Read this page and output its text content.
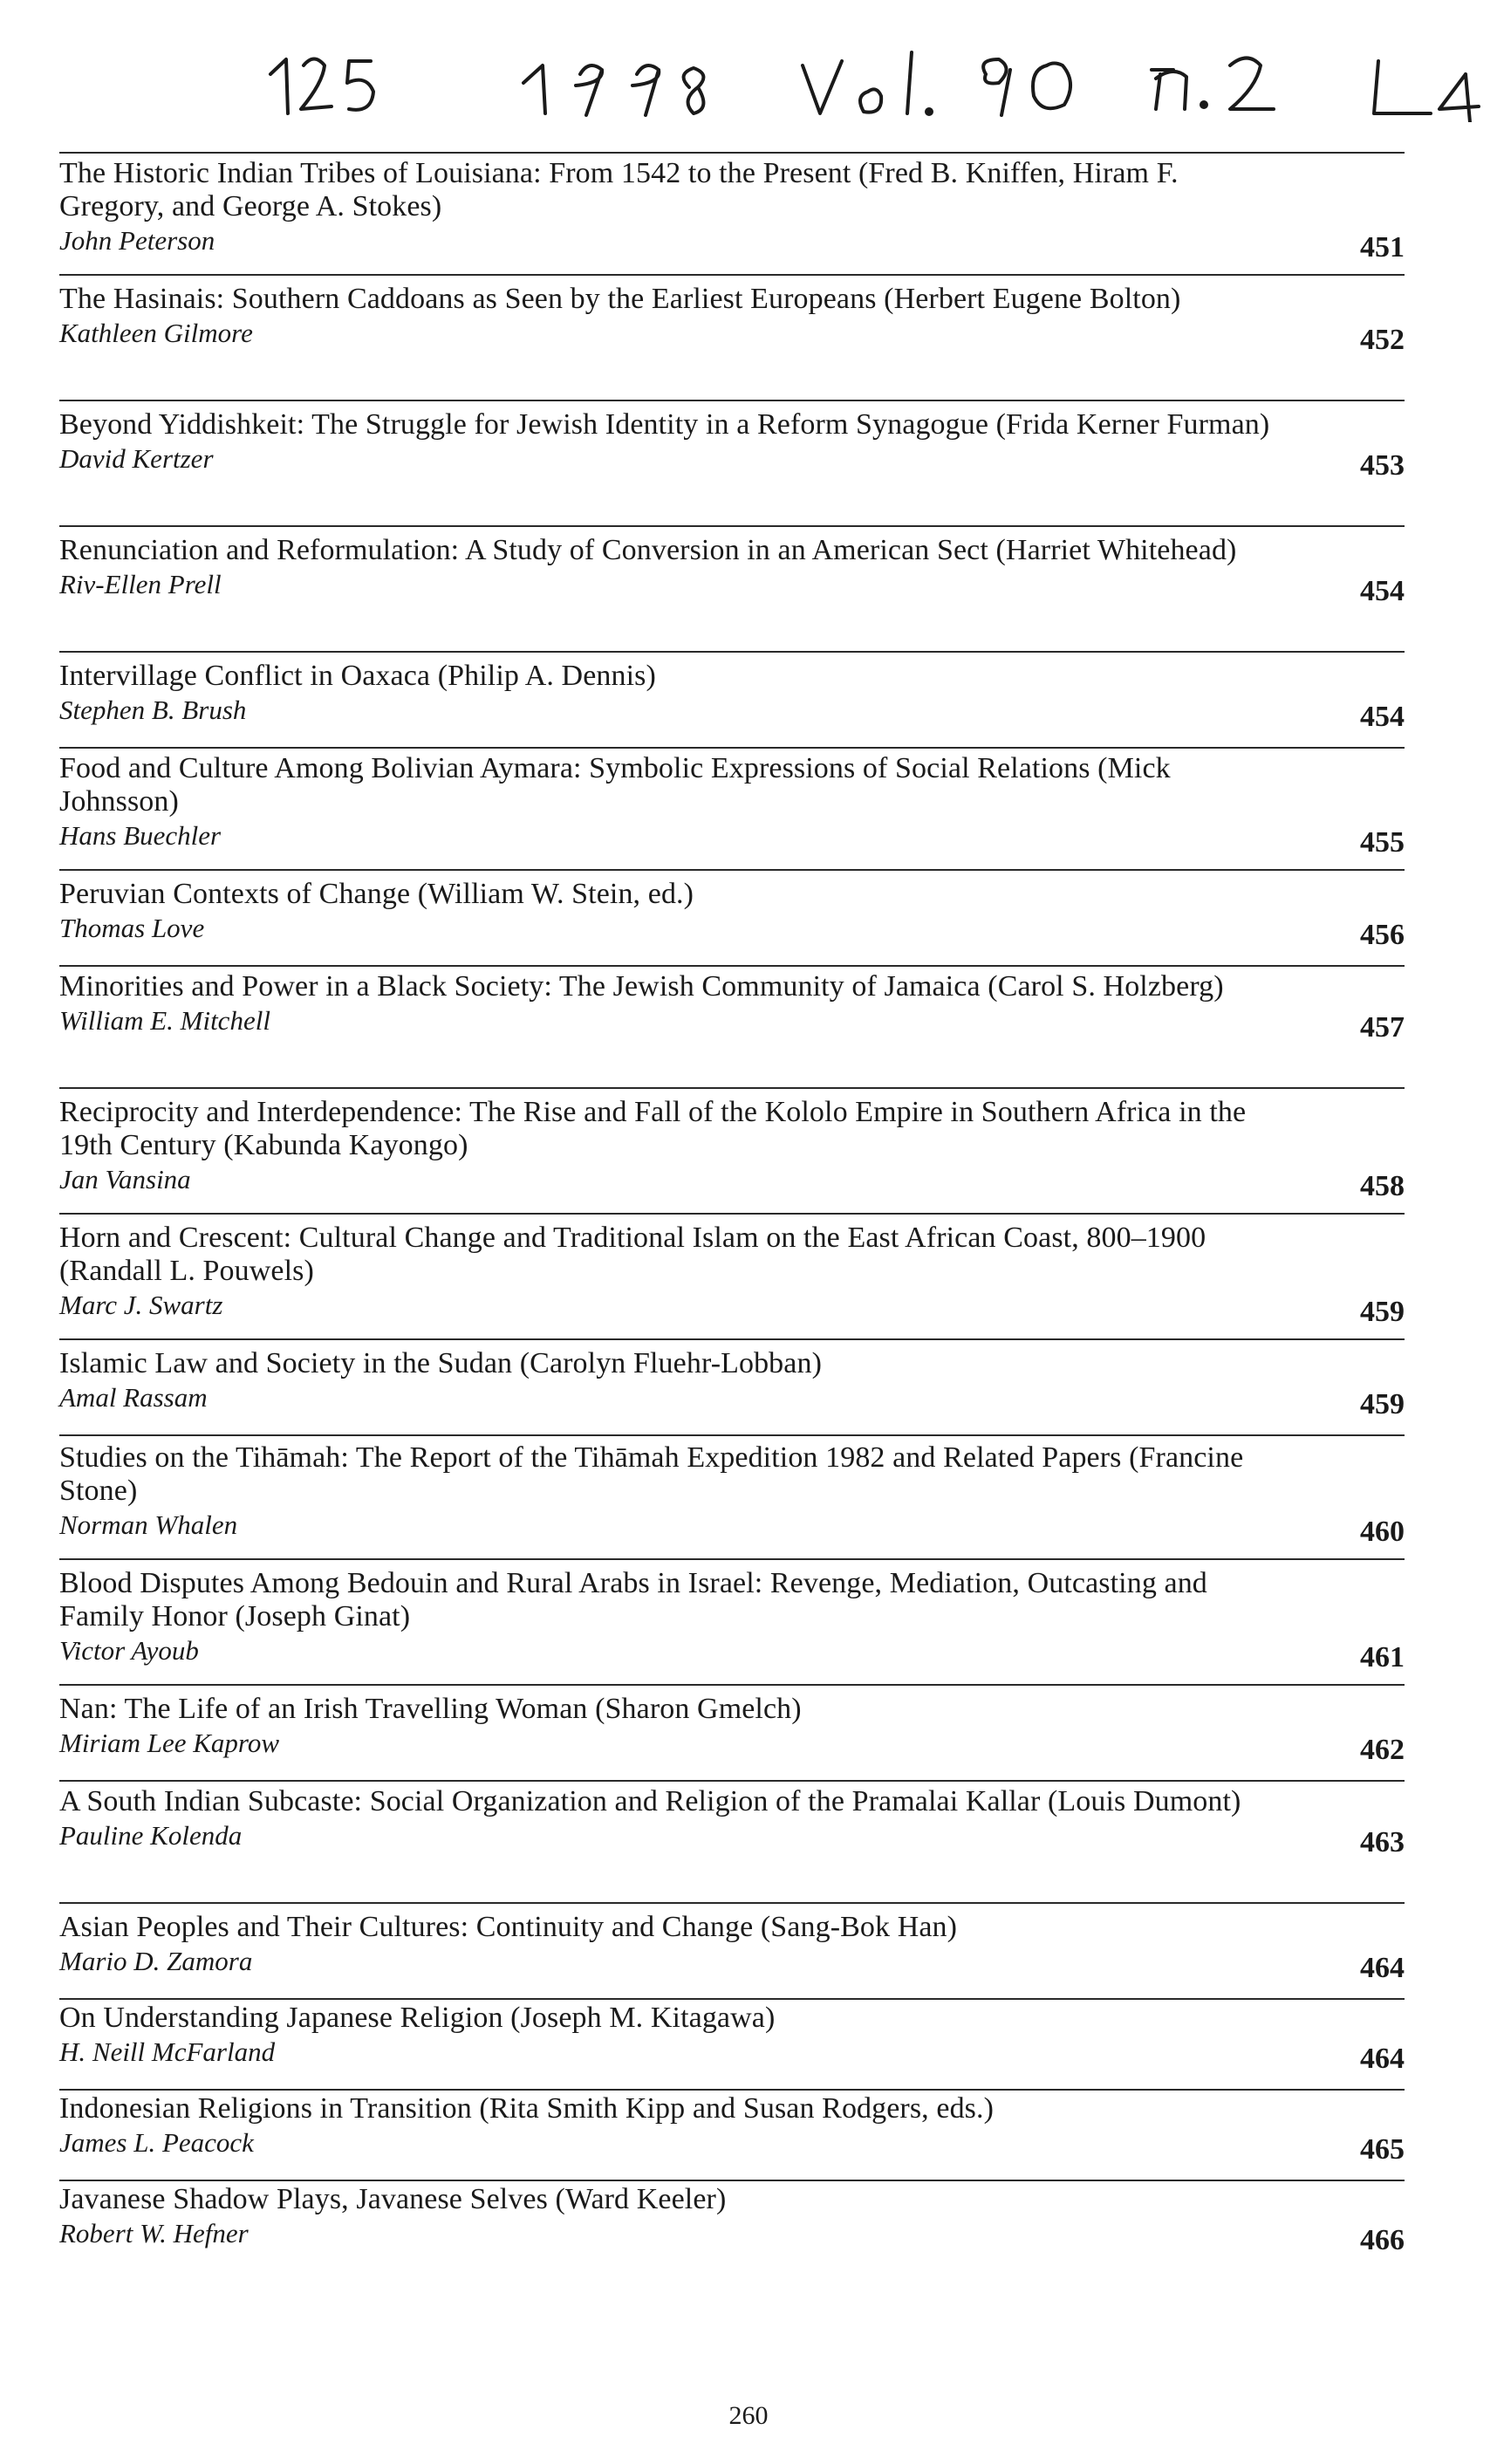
The Historic Indian Tribes of Louisiana: From 1542 to the Present (Fred B. Kniffen, Hiram F. Gregory, and George A. Stokes)
John Peterson	451
The Hasinais: Southern Caddoans as Seen by the Earliest Europeans (Herbert Eugene Bolton)
Kathleen Gilmore	452
Beyond Yiddishkeit: The Struggle for Jewish Identity in a Reform Synagogue (Frida Kerner Furman)
David Kertzer	453
Renunciation and Reformulation: A Study of Conversion in an American Sect (Harriet Whitehead)
Riv-Ellen Prell	454
Intervillage Conflict in Oaxaca (Philip A. Dennis)
Stephen B. Brush	454
Food and Culture Among Bolivian Aymara: Symbolic Expressions of Social Relations (Mick Johnsson)
Hans Buechler	455
Peruvian Contexts of Change (William W. Stein, ed.)
Thomas Love	456
Minorities and Power in a Black Society: The Jewish Community of Jamaica (Carol S. Holzberg)
William E. Mitchell	457
Reciprocity and Interdependence: The Rise and Fall of the Kololo Empire in Southern Africa in the 19th Century (Kabunda Kayongo)
Jan Vansina	458
Horn and Crescent: Cultural Change and Traditional Islam on the East African Coast, 800–1900 (Randall L. Pouwels)
Marc J. Swartz	459
Islamic Law and Society in the Sudan (Carolyn Fluehr-Lobban)
Amal Rassam	459
Studies on the Tihāmah: The Report of the Tihāmah Expedition 1982 and Related Papers (Francine Stone)
Norman Whalen	460
Blood Disputes Among Bedouin and Rural Arabs in Israel: Revenge, Mediation, Outcasting and Family Honor (Joseph Ginat)
Victor Ayoub	461
Nan: The Life of an Irish Travelling Woman (Sharon Gmelch)
Miriam Lee Kaprow	462
A South Indian Subcaste: Social Organization and Religion of the Pramalai Kallar (Louis Dumont)
Pauline Kolenda	463
Asian Peoples and Their Cultures: Continuity and Change (Sang-Bok Han)
Mario D. Zamora	464
On Understanding Japanese Religion (Joseph M. Kitagawa)
H. Neill McFarland	464
Indonesian Religions in Transition (Rita Smith Kipp and Susan Rodgers, eds.)
James L. Peacock	465
Javanese Shadow Plays, Javanese Selves (Ward Keeler)
Robert W. Hefner	466
260
